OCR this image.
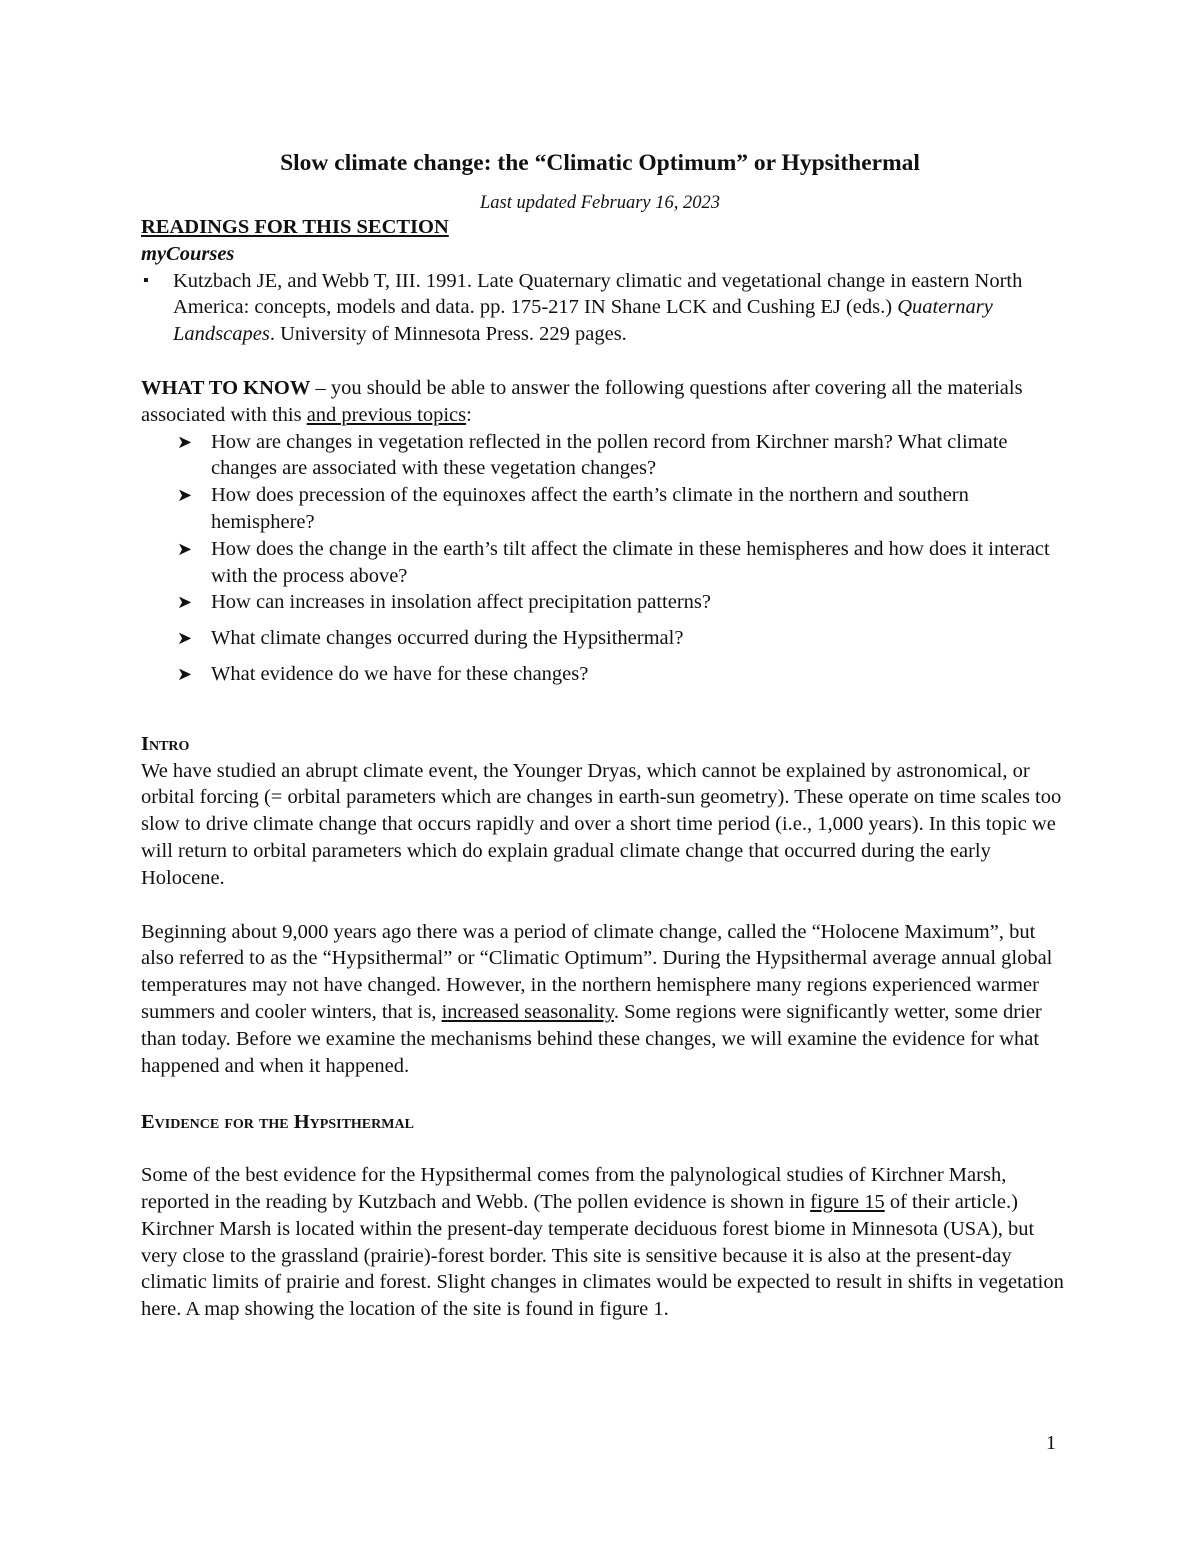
Slow climate change: the “Climatic Optimum” or Hypsithermal
Last updated February 16, 2023
READINGS FOR THIS SECTION
myCourses
▪ Kutzbach JE, and Webb T, III. 1991. Late Quaternary climatic and vegetational change in eastern North America: concepts, models and data. pp. 175-217 IN Shane LCK and Cushing EJ (eds.) Quaternary Landscapes. University of Minnesota Press. 229 pages.

WHAT TO KNOW – you should be able to answer the following questions after covering all the materials associated with this and previous topics:

➤ How are changes in vegetation reflected in the pollen record from Kirchner marsh? What climate changes are associated with these vegetation changes?
➤ How does precession of the equinoxes affect the earth’s climate in the northern and southern hemisphere?
➤ How does the change in the earth’s tilt affect the climate in these hemispheres and how does it interact with the process above?
➤ How can increases in insolation affect precipitation patterns?
➤ What climate changes occurred during the Hypsithermal?
➤ What evidence do we have for these changes?
Intro

We have studied an abrupt climate event, the Younger Dryas, which cannot be explained by astronomical, or orbital forcing (= orbital parameters which are changes in earth-sun geometry). These operate on time scales too slow to drive climate change that occurs rapidly and over a short time period (i.e., 1,000 years). In this topic we will return to orbital parameters which do explain gradual climate change that occurred during the early Holocene.

Beginning about 9,000 years ago there was a period of climate change, called the “Holocene Maximum”, but also referred to as the “Hypsithermal” or “Climatic Optimum”. During the Hypsithermal average annual global temperatures may not have changed. However, in the northern hemisphere many regions experienced warmer summers and cooler winters, that is, increased seasonality. Some regions were significantly wetter, some drier than today. Before we examine the mechanisms behind these changes, we will examine the evidence for what happened and when it happened.

Evidence for the Hypsithermal

Some of the best evidence for the Hypsithermal comes from the palynological studies of Kirchner Marsh, reported in the reading by Kutzbach and Webb. (The pollen evidence is shown in figure 15 of their article.) Kirchner Marsh is located within the present-day temperate deciduous forest biome in Minnesota (USA), but very close to the grassland (prairie)-forest border. This site is sensitive because it is also at the present-day climatic limits of prairie and forest. Slight changes in climates would be expected to result in shifts in vegetation here. A map showing the location of the site is found in figure 1.

1
